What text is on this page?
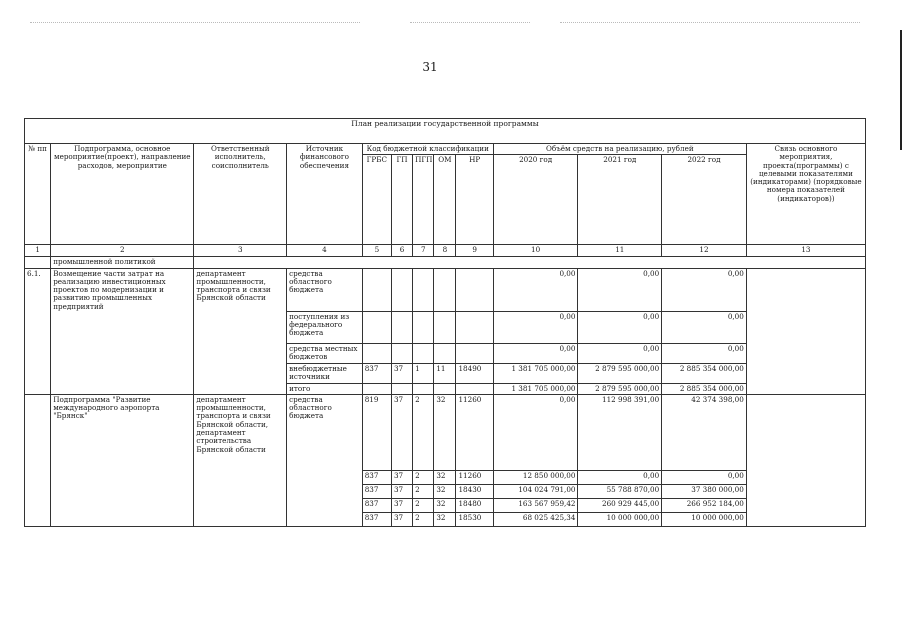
31
План реализации государственной программы												
№ пп	Подпрограмма, основное мероприятие(проект), направление расходов, мероприятие	Ответственный исполнитель, соисполнитель	Источник финансового обеспечения	Код бюджетной классификации					Объём средств на реализацию, рублей			Связь основного мероприятия, проекта(программы) с целевыми показателями (индикаторами) (порядковые номера показателей (индикаторов))
				ГРБС	ГП	ПГП	ОМ	НР	2020 год	2021 год	2022 год	
1	2	3	4	5	6	7	8	9	10	11	12	13
	промышленной политикой											
6.1.	Возмещение части затрат на реализацию инвестиционных проектов по модернизации и развитию промышленных предприятий	департамент промышленности, транспорта и связи Брянской области	средства областного бюджета						0,00	0,00	0,00	
			поступления из федерального бюджета						0,00	0,00	0,00	
			средства местных бюджетов						0,00	0,00	0,00	
			внебюджетные источники	837	37	1	11	18490	1 381 705 000,00	2 879 595 000,00	2 885 354 000,00	
			итого						1 381 705 000,00	2 879 595 000,00	2 885 354 000,00	
	Подпрограмма "Развитие международного аэропорта "Брянск"	департамент промышленности, транспорта и связи Брянской области, департамент строительства Брянской области	средства областного бюджета	819	37	2	32	11260	0,00	112 998 391,00	42 374 398,00	
				837	37	2	32	11260	12 850 000,00	0,00	0,00	
				837	37	2	32	18430	104 024 791,00	55 788 870,00	37 380 000,00	
				837	37	2	32	18480	163 567 959,42	260 929 445,00	266 952 184,00	
				837	37	2	32	18530	68 025 425,34	10 000 000,00	10 000 000,00	
